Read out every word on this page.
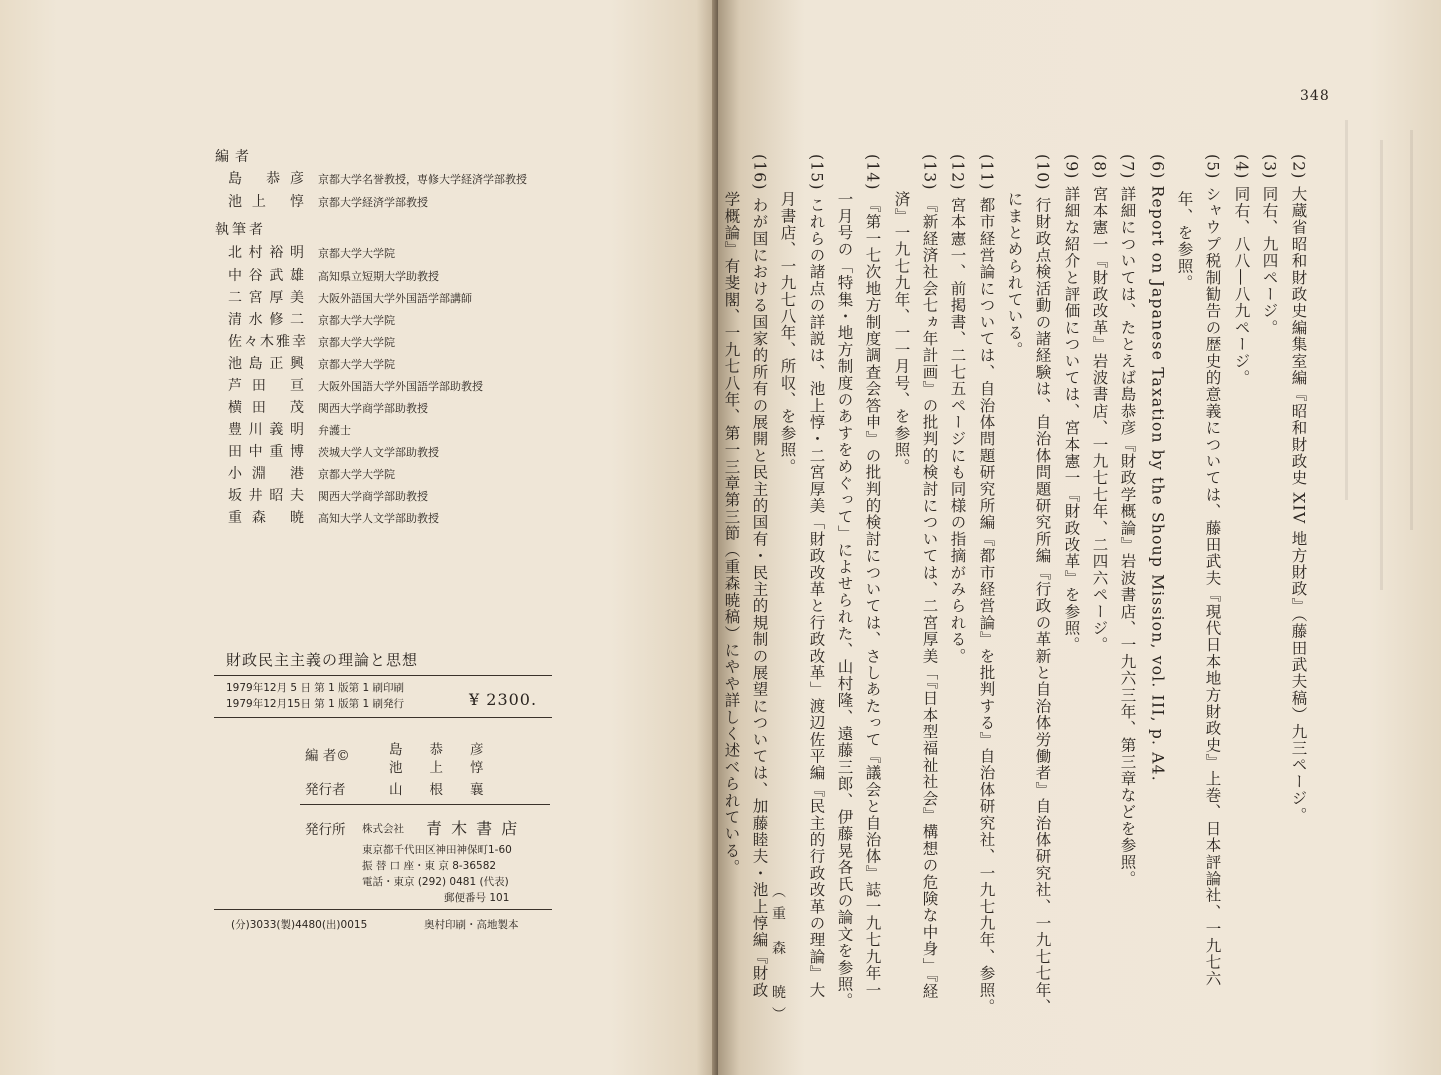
編者
島 恭彦 京都大学名誉教授，専修大学経済学部教授
池上 惇 京都大学経済学部教授
執筆者
北村裕明 京都大学大学院
中谷武雄 高知県立短期大学助教授
二宮厚美 大阪外語国大学外国語学部講師
清水修二 京都大学大学院
佐々木雅幸 京都大学大学院
池島正興 京都大学大学院
芦田 亘 大阪外国語大学外国語学部助教授
横田 茂 関西大学商学部助教授
豊川義明 弁護士
田中重博 茨城大学人文学部助教授
小淵 港 京都大学大学院
坂井昭夫 関西大学商学部助教授
重森 暁 高知大学人文学部助教授
財政民主主義の理論と思想
1979年12月 5 日 第 1 版第 1 刷印刷
1979年12月15日 第 1 版第 1 刷発行	¥ 2300.
編 者©	島　　恭　　彦
池　　上　　惇
発行者	山　　根　　襄
発行所 株式会社 青 木 書 店
東京都千代田区神田神保町1-60
振 替 口 座・東 京 8-36582
電話・東京 (292) 0481 (代表)
郵便番号 101
(分)3033(製)4480(出)0015	奥村印刷・高地製本
348
(2) 大蔵省昭和財政史編集室編『昭和財政史 XIV 地方財政』（藤田武夫稿）九三ページ。
(3) 同右、九四ページ。
(4) 同右、八八―八九ページ。
(5) シャウプ税制勧告の歴史的意義については、藤田武夫『現代日本地方財政史』上巻、日本評論社、一九七六
年、を参照。
(6) Report on Japanese Taxation by the Shoup Mission, vol. III, p. A4.
(7) 詳細については、たとえば島恭彦『財政学概論』岩波書店、一九六三年、第三章などを参照。
(8) 宮本憲一『財政改革』岩波書店、一九七七年、二四六ページ。
(9) 詳細な紹介と評価については、宮本憲一『財政改革』を参照。
(10) 行財政点検活動の諸経験は、自治体問題研究所編『行政の革新と自治体労働者』自治体研究社、一九七七年、
にまとめられている。
(11) 都市経営論については、自治体問題研究所編『都市経営論』を批判する』自治体研究社、一九七九年、参照。
(12) 宮本憲一、前掲書、二七五ページにも同様の指摘がみられる。
(13) 『新経済社会七ヵ年計画』の批判的検討については、二宮厚美「『日本型福祉社会』構想の危険な中身」『経
済』一九七九年、一一月号、を参照。
(14) 『第一七次地方制度調査会答申』の批判的検討については、さしあたって『議会と自治体』誌一九七九年一
一月号の「特集・地方制度のあすをめぐって」によせられた、山村隆、遠藤三郎、伊藤晃各氏の論文を参照。
(15) これらの諸点の詳説は、池上惇・二宮厚美「財政改革と行政改革」渡辺佐平編『民主的行政改革の理論』大
月書店、一九七八年、所収、を参照。
(16) わが国における国家的所有の展開と民主的国有・民主的規制の展望については、加藤睦夫・池上惇編『財政
学概論』有斐閣、一九七八年、第一三章第三節（重森暁稿）にやや詳しく述べられている。
（重 森　暁）
